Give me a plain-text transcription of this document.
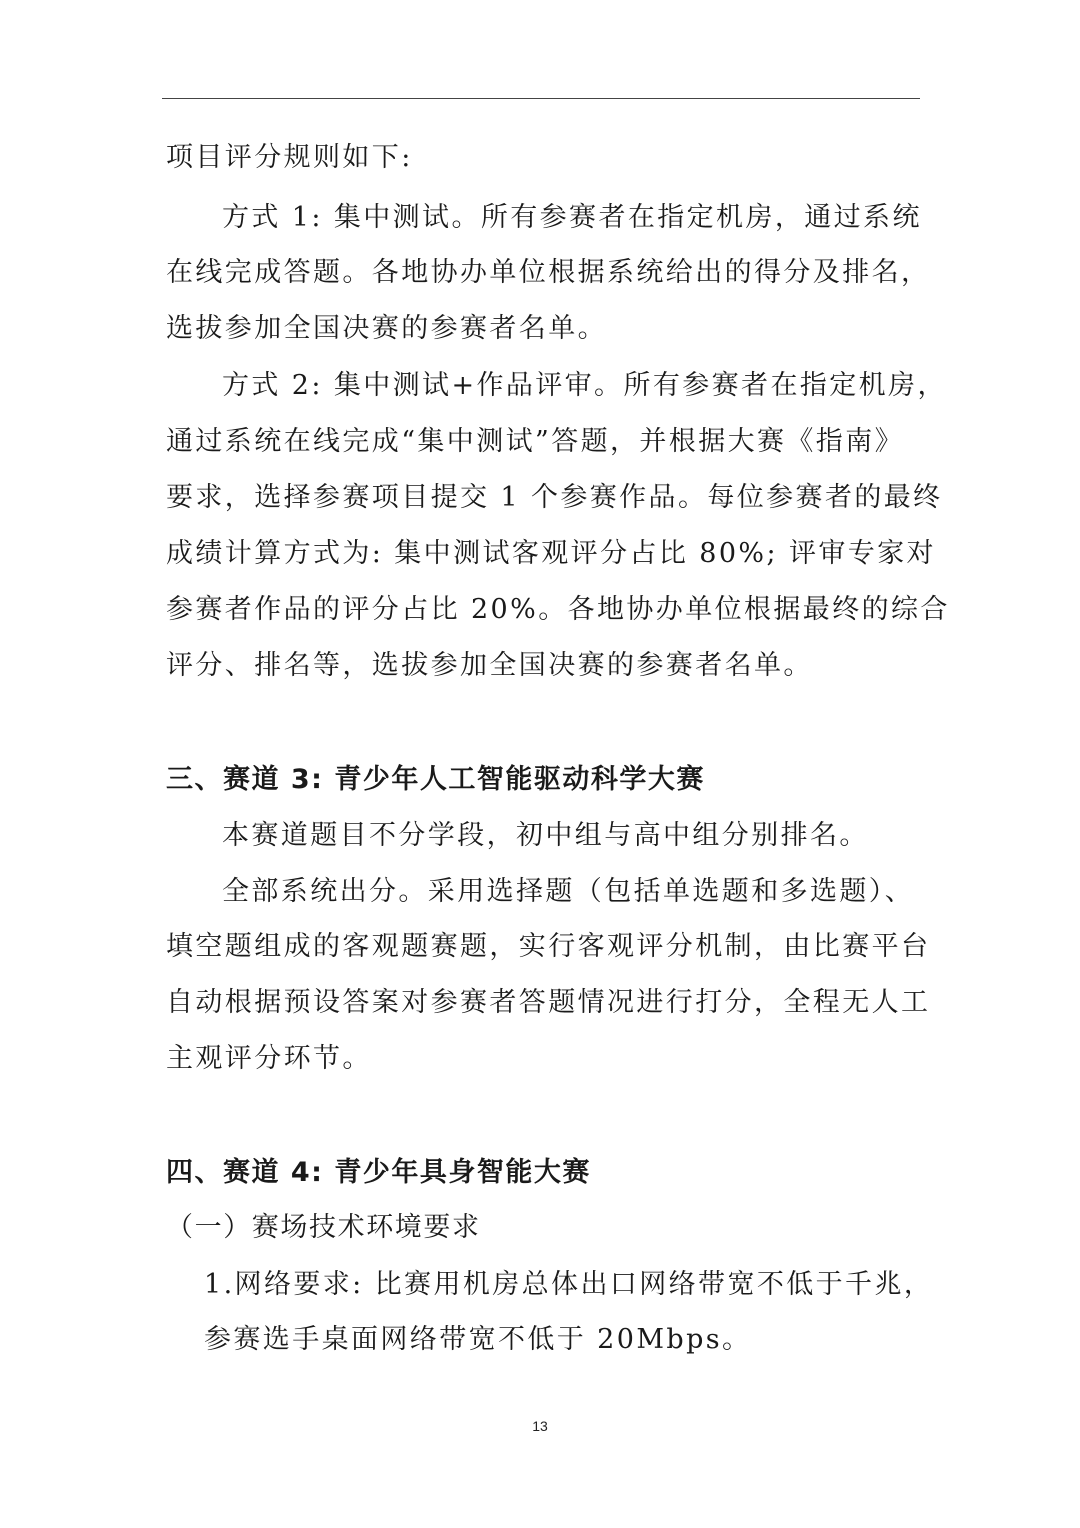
项目评分规则如下:
方式 1: 集中测试。所有参赛者在指定机房，通过系统
在线完成答题。各地协办单位根据系统给出的得分及排名，
选拔参加全国决赛的参赛者名单。
方式 2: 集中测试+作品评审。所有参赛者在指定机房，
通过系统在线完成“集中测试”答题，并根据大赛《指南》
要求，选择参赛项目提交 1 个参赛作品。每位参赛者的最终
成绩计算方式为: 集中测试客观评分占比 80%; 评审专家对
参赛者作品的评分占比 20%。各地协办单位根据最终的综合
评分、排名等，选拔参加全国决赛的参赛者名单。
三、赛道 3: 青少年人工智能驱动科学大赛
本赛道题目不分学段，初中组与高中组分别排名。
全部系统出分。采用选择题（包括单选题和多选题）、
填空题组成的客观题赛题，实行客观评分机制，由比赛平台
自动根据预设答案对参赛者答题情况进行打分，全程无人工
主观评分环节。
四、赛道 4: 青少年具身智能大赛
（一）赛场技术环境要求
1.网络要求: 比赛用机房总体出口网络带宽不低于千兆，
参赛选手桌面网络带宽不低于 20Mbps。
13
